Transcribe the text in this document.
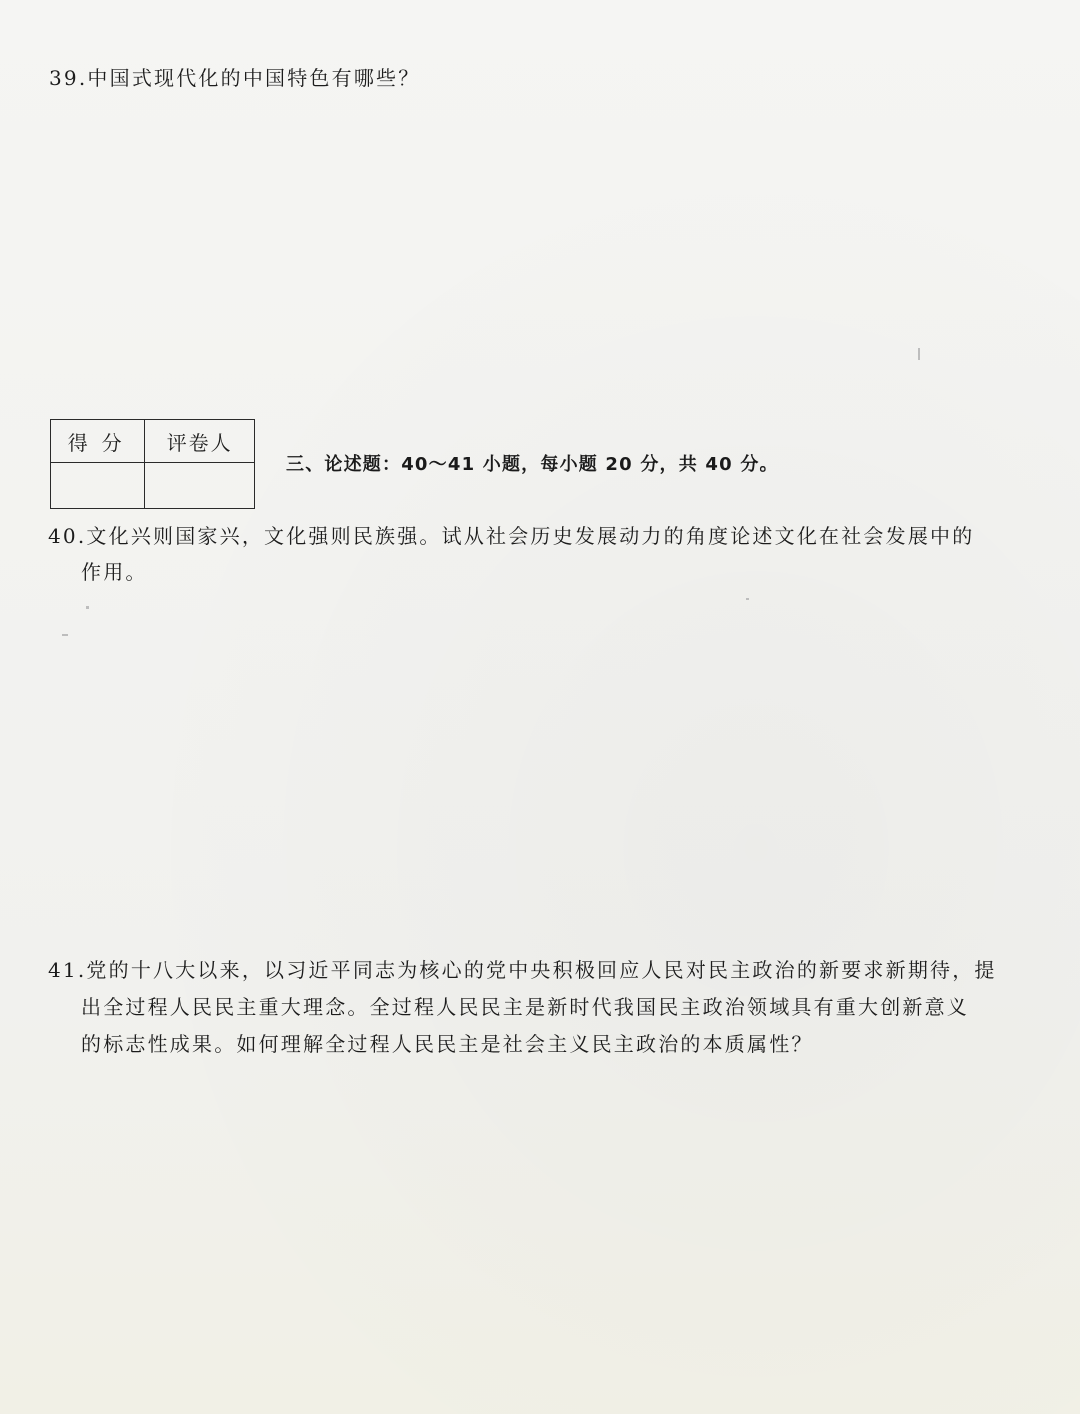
39.中国式现代化的中国特色有哪些？
得分	评卷人

三、论述题：40～41 小题，每小题 20 分，共 40 分。
40.文化兴则国家兴，文化强则民族强。试从社会历史发展动力的角度论述文化在社会发展中的
作用。
41.党的十八大以来，以习近平同志为核心的党中央积极回应人民对民主政治的新要求新期待，提
出全过程人民民主重大理念。全过程人民民主是新时代我国民主政治领域具有重大创新意义
的标志性成果。如何理解全过程人民民主是社会主义民主政治的本质属性？
